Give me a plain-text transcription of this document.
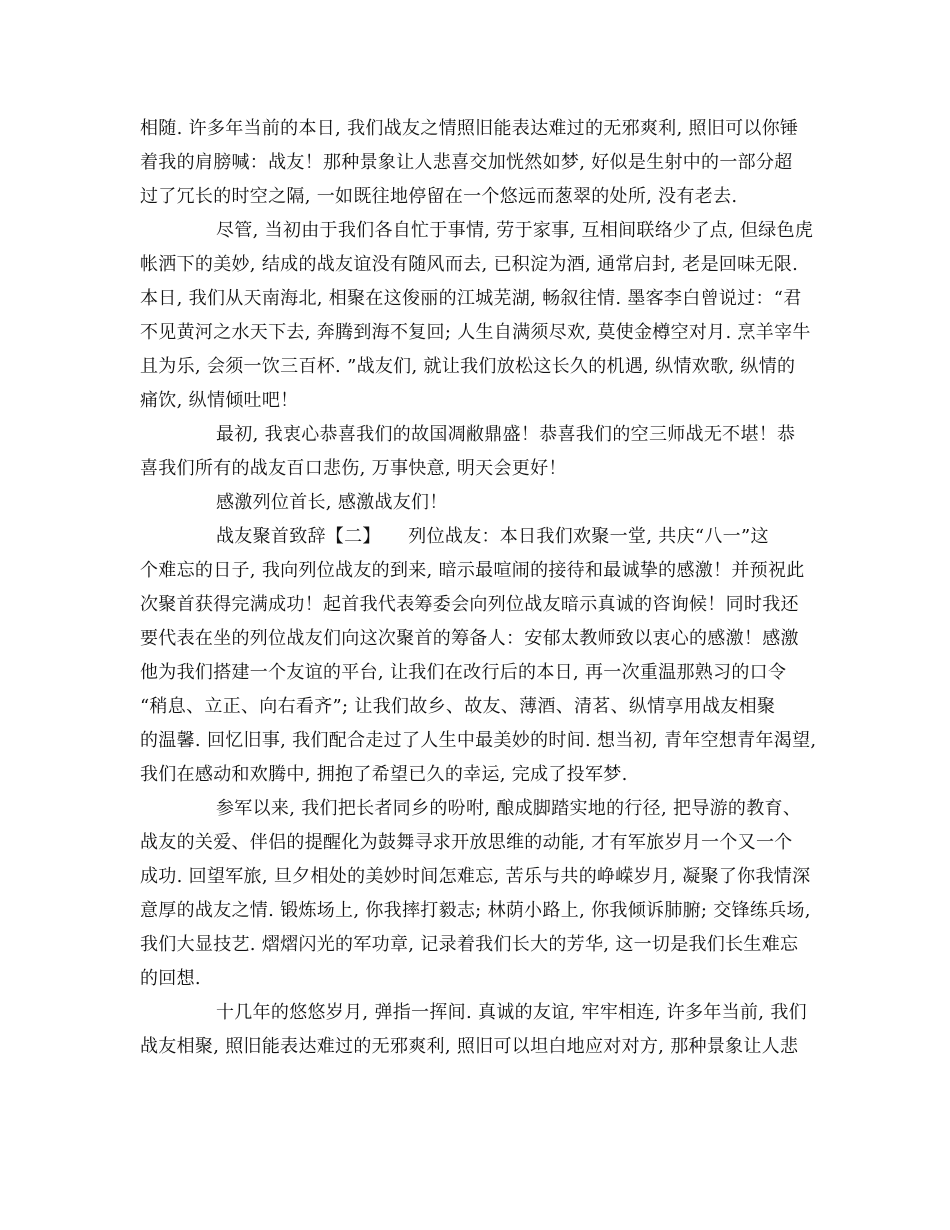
相随. 许多年当前的本日, 我们战友之情照旧能表达难过的无邪爽利, 照旧可以你锤
着我的肩膀喊：战友！那种景象让人悲喜交加恍然如梦, 好似是生射中的一部分超
过了冗长的时空之隔, 一如既往地停留在一个悠远而葱翠的处所, 没有老去.
尽管, 当初由于我们各自忙于事情, 劳于家事, 互相间联络少了点, 但绿色虎
帐洒下的美妙, 结成的战友谊没有随风而去, 已积淀为酒, 通常启封, 老是回味无限.
本日, 我们从天南海北, 相聚在这俊丽的江城芜湖, 畅叙往情. 墨客李白曾说过：“君
不见黄河之水天下去, 奔腾到海不复回; 人生自满须尽欢, 莫使金樽空对月. 烹羊宰牛
且为乐, 会须一饮三百杯. ”战友们, 就让我们放松这长久的机遇, 纵情欢歌, 纵情的
痛饮, 纵情倾吐吧！
最初, 我衷心恭喜我们的故国凋敝鼎盛！恭喜我们的空三师战无不堪！恭
喜我们所有的战友百口悲伤, 万事快意, 明天会更好！
感激列位首长, 感激战友们！
战友聚首致辞【二】　　列位战友：本日我们欢聚一堂, 共庆“八一”这
个难忘的日子, 我向列位战友的到来, 暗示最喧闹的接待和最诚挚的感激！并预祝此
次聚首获得完满成功！起首我代表筹委会向列位战友暗示真诚的咨询候！同时我还
要代表在坐的列位战友们向这次聚首的筹备人：安郁太教师致以衷心的感激！感激
他为我们搭建一个友谊的平台, 让我们在改行后的本日, 再一次重温那熟习的口令
“稍息、立正、向右看齐”; 让我们故乡、故友、薄酒、清茗、纵情享用战友相聚
的温馨. 回忆旧事, 我们配合走过了人生中最美妙的时间. 想当初, 青年空想青年渴望,
我们在感动和欢腾中, 拥抱了希望已久的幸运, 完成了投军梦.
参军以来, 我们把长者同乡的吩咐, 酿成脚踏实地的行径, 把导游的教育、
战友的关爱、伴侣的提醒化为鼓舞寻求开放思维的动能, 才有军旅岁月一个又一个
成功. 回望军旅, 旦夕相处的美妙时间怎难忘, 苦乐与共的峥嵘岁月, 凝聚了你我情深
意厚的战友之情. 锻炼场上, 你我摔打毅志; 林荫小路上, 你我倾诉肺腑; 交锋练兵场,
我们大显技艺. 熠熠闪光的军功章, 记录着我们长大的芳华, 这一切是我们长生难忘
的回想.
十几年的悠悠岁月, 弹指一挥间. 真诚的友谊, 牢牢相连, 许多年当前, 我们
战友相聚, 照旧能表达难过的无邪爽利, 照旧可以坦白地应对对方, 那种景象让人悲
